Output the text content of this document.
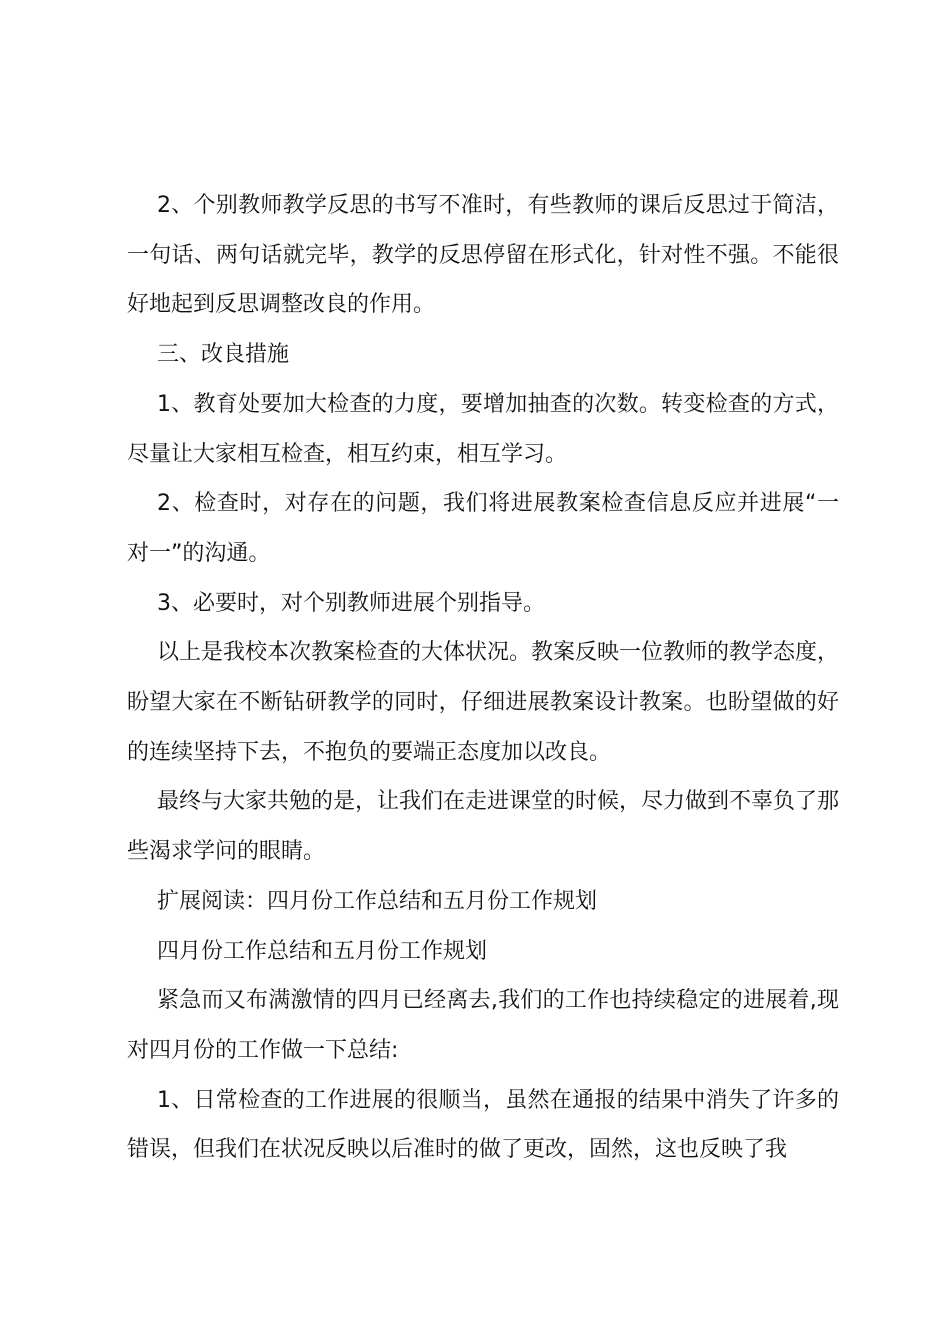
2、个别教师教学反思的书写不准时，有些教师的课后反思过于简洁，一句话、两句话就完毕，教学的反思停留在形式化，针对性不强。不能很好地起到反思调整改良的作用。

三、改良措施

1、教育处要加大检查的力度，要增加抽查的次数。转变检查的方式，尽量让大家相互检查，相互约束，相互学习。

2、检查时，对存在的问题，我们将进展教案检查信息反应并进展“一对一”的沟通。

3、必要时，对个别教师进展个别指导。

以上是我校本次教案检查的大体状况。教案反映一位教师的教学态度，盼望大家在不断钻研教学的同时，仔细进展教案设计教案。也盼望做的好的连续坚持下去，不抱负的要端正态度加以改良。

最终与大家共勉的是，让我们在走进课堂的时候，尽力做到不辜负了那些渴求学问的眼睛。

扩展阅读：四月份工作总结和五月份工作规划

四月份工作总结和五月份工作规划

紧急而又布满激情的四月已经离去,我们的工作也持续稳定的进展着,现对四月份的工作做一下总结:

1、日常检查的工作进展的很顺当，虽然在通报的结果中消失了许多的错误，但我们在状况反映以后准时的做了更改，固然，这也反映了我
